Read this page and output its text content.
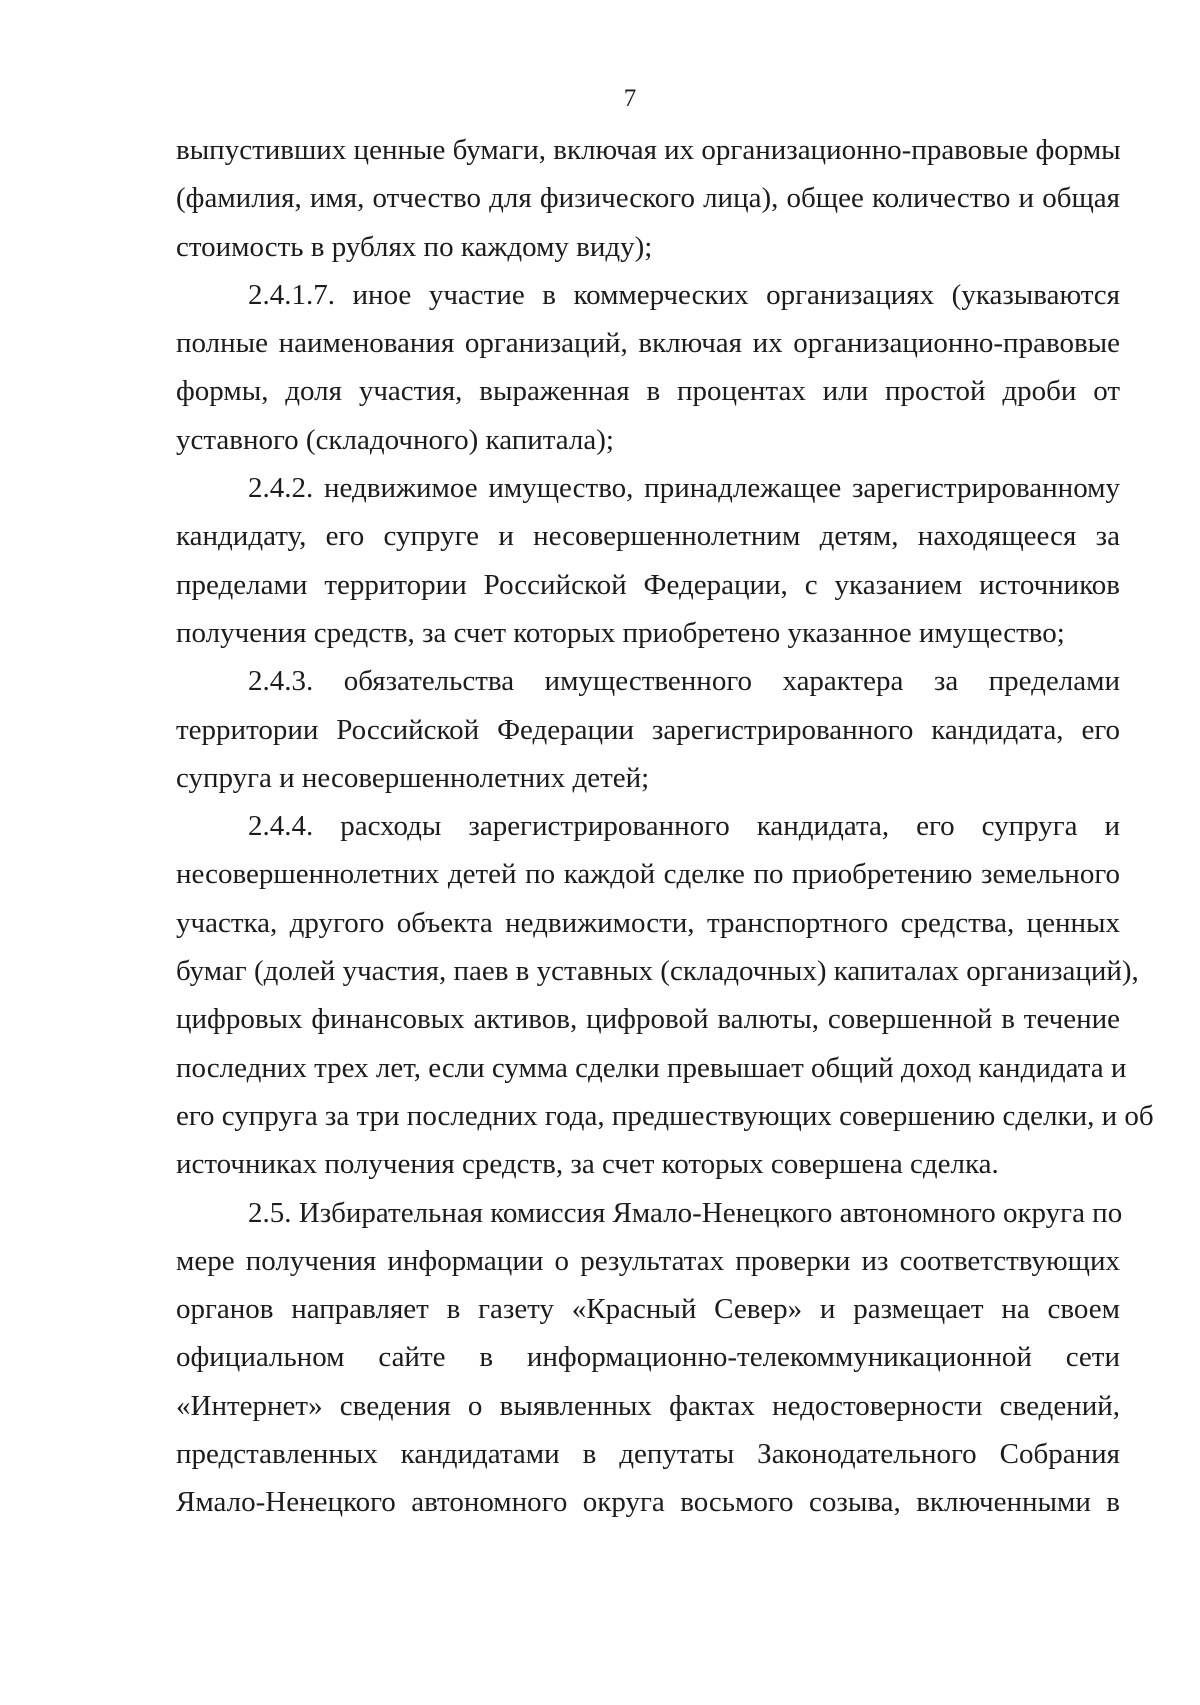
7
выпустивших ценные бумаги, включая их организационно-правовые формы
(фамилия, имя, отчество для физического лица), общее количество и общая
стоимость в рублях по каждому виду);
2.4.1.7. иное участие в коммерческих организациях (указываются
полные наименования организаций, включая их организационно-правовые
формы, доля участия, выраженная в процентах или простой дроби от
уставного (складочного) капитала);
2.4.2. недвижимое имущество, принадлежащее зарегистрированному
кандидату, его супруге и несовершеннолетним детям, находящееся за
пределами территории Российской Федерации, с указанием источников
получения средств, за счет которых приобретено указанное имущество;
2.4.3. обязательства имущественного характера за пределами
территории Российской Федерации зарегистрированного кандидата, его
супруга и несовершеннолетних детей;
2.4.4. расходы зарегистрированного кандидата, его супруга и
несовершеннолетних детей по каждой сделке по приобретению земельного
участка, другого объекта недвижимости, транспортного средства, ценных
бумаг (долей участия, паев в уставных (складочных) капиталах организаций),
цифровых финансовых активов, цифровой валюты, совершенной в течение
последних трех лет, если сумма сделки превышает общий доход кандидата и
его супруга за три последних года, предшествующих совершению сделки, и об
источниках получения средств, за счет которых совершена сделка.
2.5. Избирательная комиссия Ямало-Ненецкого автономного округа по
мере получения информации о результатах проверки из соответствующих
органов направляет в газету «Красный Север» и размещает на своем
официальном сайте в информационно-телекоммуникационной сети
«Интернет» сведения о выявленных фактах недостоверности сведений,
представленных кандидатами в депутаты Законодательного Собрания
Ямало-Ненецкого автономного округа восьмого созыва, включенными в
